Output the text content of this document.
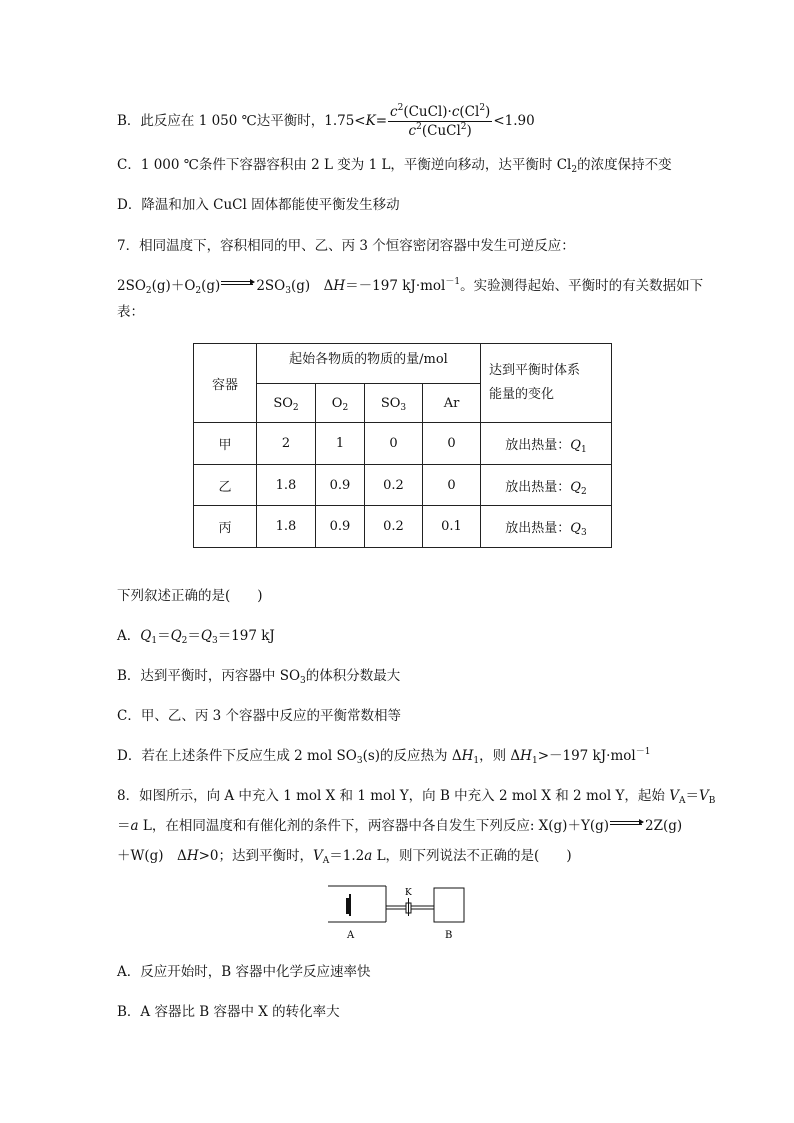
B．此反应在 1 050 ℃达平衡时，$1.75<K= \frac{c^2(CuCl)\cdot c(Cl^2)}{c^2(CuCl^2)} <1.90$
C．1 000 ℃条件下容器容积由 2 L 变为 1 L，平衡逆向移动，达平衡时 $Cl_2$的浓度保持不变
D．降温和加入 CuCl 固体都能使平衡发生移动
7．相同温度下，容积相同的甲、乙、丙 3 个恒容密闭容器中发生可逆反应：
$2SO_2(g)+O_2(g)$	$2SO_3(g)$　 ΔH＝－197 kJ·mol$^{-1}$。实验测得起始、平衡时的有关数据如下
表：
容器	起始各物质的物质的量/mol				达到平衡时体系
能量的变化
	$SO_2$	$O_2$	$SO_3$	Ar	
甲	2	1	0	0	放出热量：$Q_1$
乙	1.8	0.9	0.2	0	放出热量：$Q_2$
丙	1.8	0.9	0.2	0.1	放出热量：$Q_3$
下列叙述正确的是(　　)
A．$Q_1=Q_2=Q_3=197$ kJ
B．达到平衡时，丙容器中 $SO_3$的体积分数最大
C．甲、乙、丙 3 个容器中反应的平衡常数相等
D．若在上述条件下反应生成 2 mol $SO_3(s)$的反应热为 $\Delta H_1$，则 $\Delta H_1>-197$ kJ·mol$^{-1}$
8．如图所示，向 A 中充入 1 mol X 和 1 mol Y，向 B 中充入 2 mol X 和 2 mol Y，起始 $V_A=V_B$
＝a L，在相同温度和有催化剂的条件下，两容器中各自发生下列反应: X(g)＋Y(g)	2Z(g)
＋W(g)　ΔH>0；达到平衡时，$V_A=1.2a$ L，则下列说法不正确的是(　　)
A	B
K
A．反应开始时，B 容器中化学反应速率快
B．A 容器比 B 容器中 X 的转化率大
